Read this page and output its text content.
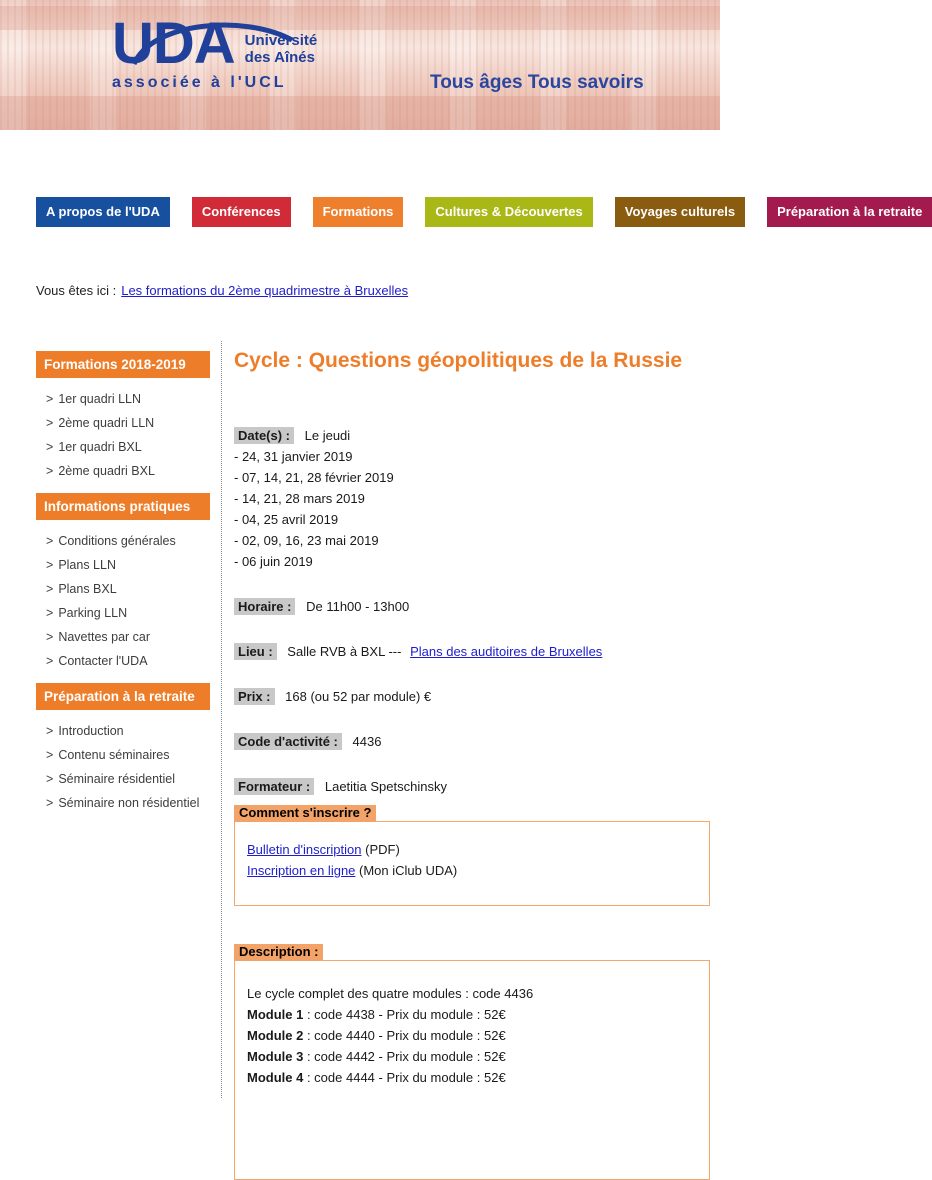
UDA Université
des Aînés
associée à l'UCL	Tous âges Tous savoirs
A propos de l'UDA	Conférences	Formations	Cultures & Découvertes	Voyages culturels	Préparation à la retraite
Vous êtes ici : Les formations du 2ème quadrimestre à Bruxelles
Formations 2018-2019
> 1er quadri LLN
> 2ème quadri LLN
> 1er quadri BXL
> 2ème quadri BXL
Informations pratiques
> Conditions générales
> Plans LLN
> Plans BXL
> Parking LLN
> Navettes par car
> Contacter l'UDA
Préparation à la retraite
> Introduction
> Contenu séminaires
> Séminaire résidentiel
> Séminaire non résidentiel
Cycle : Questions géopolitiques de la Russie
Date(s) : Le jeudi
- 24, 31 janvier 2019
- 07, 14, 21, 28 février 2019
- 14, 21, 28 mars 2019
- 04, 25 avril 2019
- 02, 09, 16, 23 mai 2019
- 06 juin 2019
Horaire : De 11h00 - 13h00
Lieu : Salle RVB à BXL --- Plans des auditoires de Bruxelles
Prix : 168 (ou 52 par module) €
Code d'activité : 4436
Formateur : Laetitia Spetschinsky
Comment s'inscrire ?
Bulletin d'inscription (PDF)
Inscription en ligne (Mon iClub UDA)
Description :
Le cycle complet des quatre modules : code 4436
Module 1 : code 4438 - Prix du module : 52€
Module 2 : code 4440 - Prix du module : 52€
Module 3 : code 4442 - Prix du module : 52€
Module 4 : code 4444 - Prix du module : 52€
